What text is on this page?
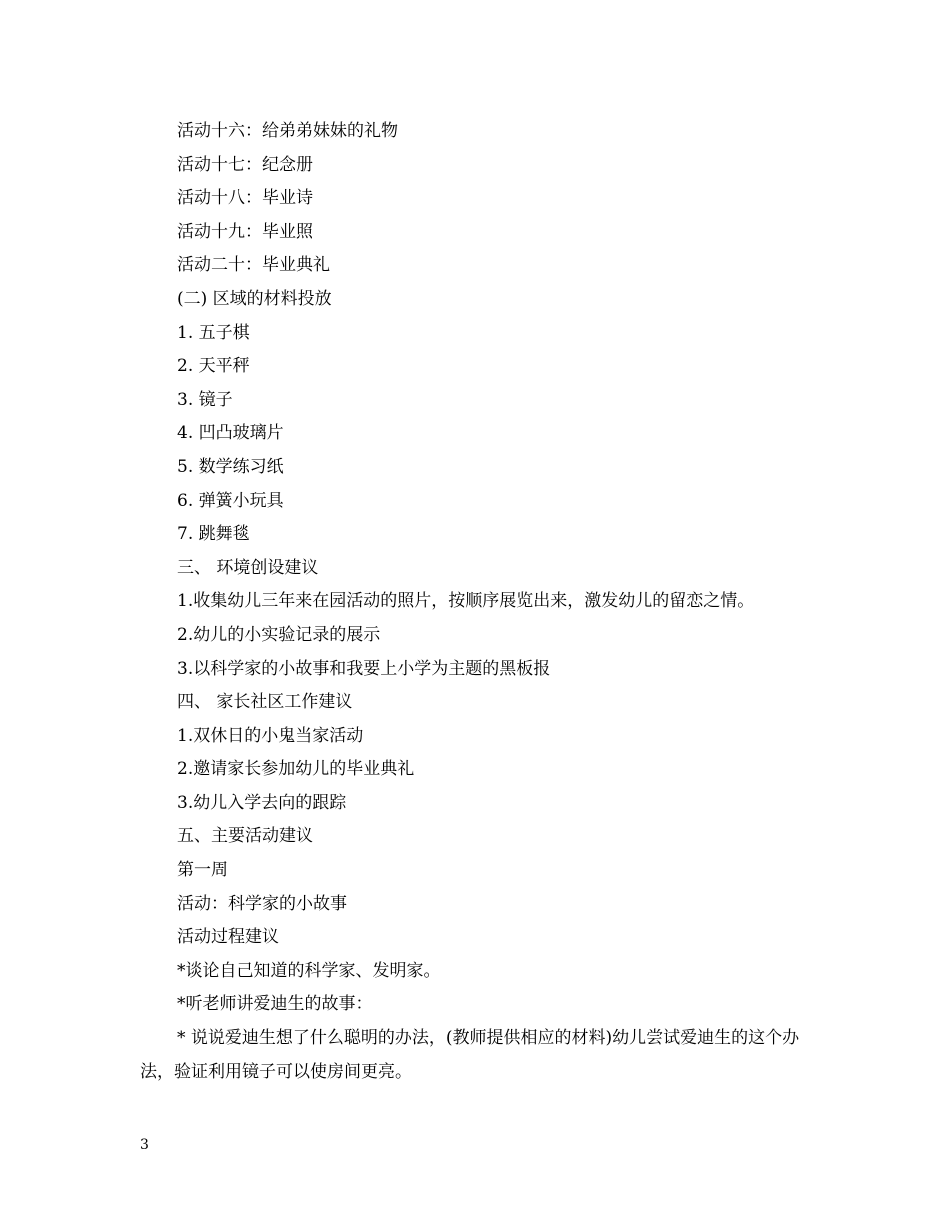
活动十六：给弟弟妹妹的礼物
活动十七：纪念册
活动十八：毕业诗
活动十九：毕业照
活动二十：毕业典礼
(二) 区域的材料投放
1. 五子棋
2. 天平秤
3. 镜子
4. 凹凸玻璃片
5. 数学练习纸
6. 弹簧小玩具
7. 跳舞毯
三、 环境创设建议
1.收集幼儿三年来在园活动的照片，按顺序展览出来，激发幼儿的留恋之情。
2.幼儿的小实验记录的展示
3.以科学家的小故事和我要上小学为主题的黑板报
四、 家长社区工作建议
1.双休日的小鬼当家活动
2.邀请家长参加幼儿的毕业典礼
3.幼儿入学去向的跟踪
五、主要活动建议
第一周
活动：科学家的小故事
活动过程建议
*谈论自己知道的科学家、发明家。
*听老师讲爱迪生的故事：
* 说说爱迪生想了什么聪明的办法，(教师提供相应的材料)幼儿尝试爱迪生的这个办法，验证利用镜子可以使房间更亮。
3
